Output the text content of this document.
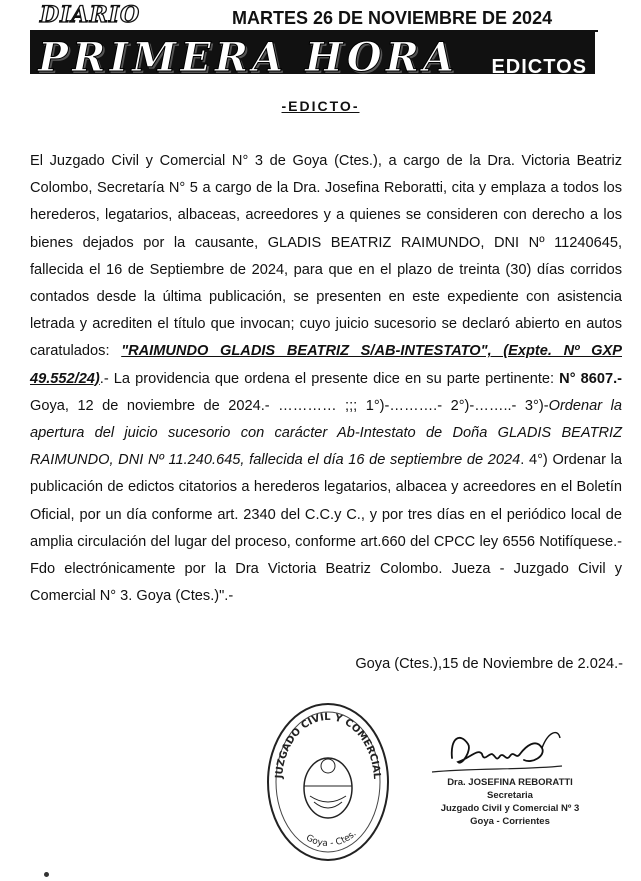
DIARIO	MARTES 26 DE NOVIEMBRE DE 2024
PRIMERA HORA EDICTOS
-EDICTO-

El Juzgado Civil y Comercial N° 3 de Goya (Ctes.), a cargo de la Dra. Victoria Beatriz Colombo, Secretaría N° 5 a cargo de la Dra. Josefina Reboratti, cita y emplaza a todos los herederos, legatarios, albaceas, acreedores y a quienes se consideren con derecho a los bienes dejados por la causante, GLADIS BEATRIZ RAIMUNDO, DNI Nº 11240645, fallecida el 16 de Septiembre de 2024, para que en el plazo de treinta (30) días corridos contados desde la última publicación, se presenten en este expediente con asistencia letrada y acrediten el título que invocan; cuyo juicio sucesorio se declaró abierto en autos caratulados: "RAIMUNDO GLADIS BEATRIZ S/AB-INTESTATO", (Expte. Nº GXP 49.552/24).- La providencia que ordena el presente dice en su parte pertinente: N° 8607.- Goya, 12 de noviembre de 2024.- ………… ;;; 1°)-……….- 2°)-……..- 3°)-Ordenar la apertura del juicio sucesorio con carácter Ab-Intestato de Doña GLADIS BEATRIZ RAIMUNDO, DNI Nº 11.240.645, fallecida el día 16 de septiembre de 2024. 4°) Ordenar la publicación de edictos citatorios a herederos legatarios, albacea y acreedores en el Boletín Oficial, por un día conforme art. 2340 del C.C.y C., y por tres días en el periódico local de amplia circulación del lugar del proceso, conforme art.660 del CPCC ley 6556 Notifíquese.- Fdo electrónicamente por la Dra Victoria Beatriz Colombo. Jueza - Juzgado Civil y Comercial N° 3. Goya (Ctes.)".-

Goya (Ctes.),15 de Noviembre de 2.024.-
JUZGADO CIVIL Y COMERCIAL
Goya - Ctes.
Dra. JOSEFINA REBORATTI
Secretaria
Juzgado Civil y Comercial Nº 3
Goya - Corrientes
